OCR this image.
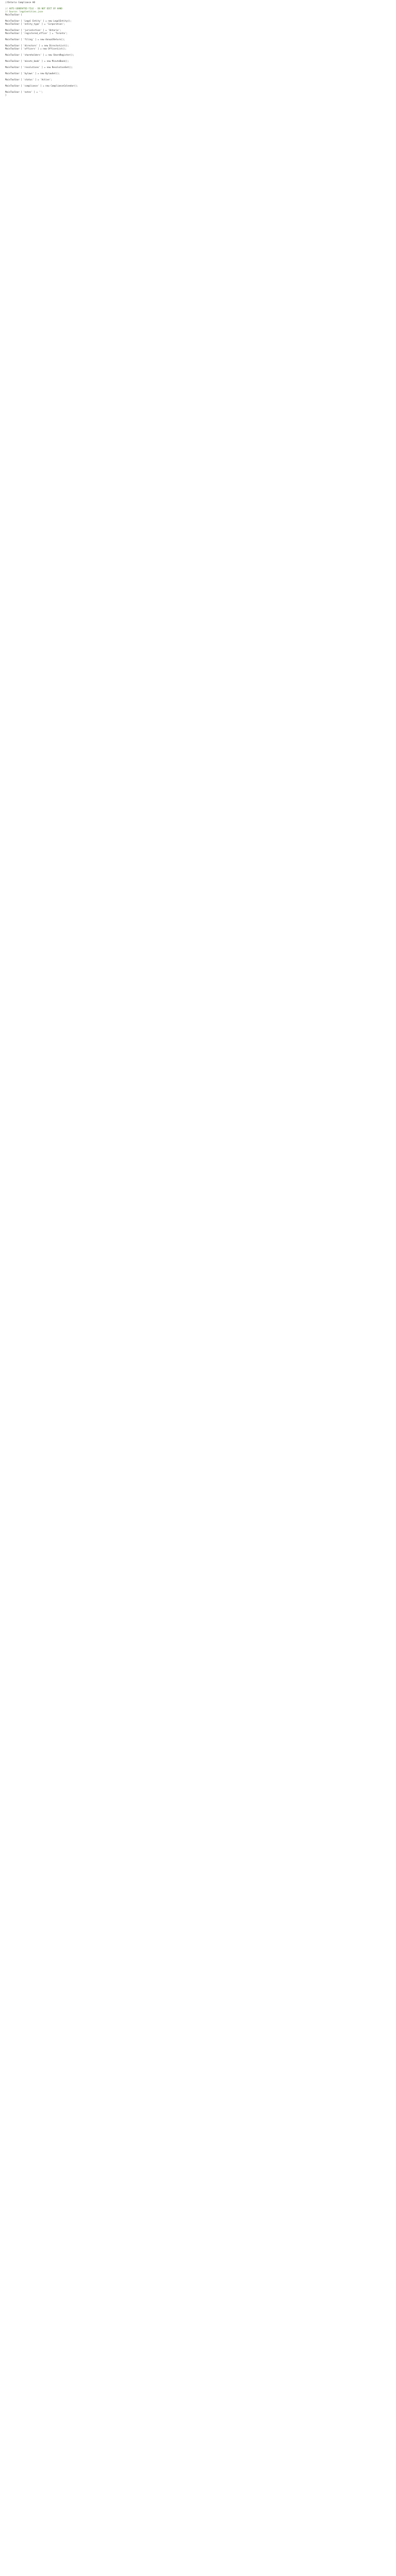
//Ontario Compliance HO
// AUTO GENERATED FILE - DO NOT EDIT BY HAND
// Source: legalentities.json
MainToolbar {
MainToolbar [ 'Legal Entity' ] = new LegalEntity();
MainToolbar [ 'entity_type' ] = 'Corporation';
MainToolbar [ 'jurisdiction' ] = 'Ontario';
MainToolbar [ 'registered_office' ] = 'Toronto';
MainToolbar [ 'filing' ] = new AnnualReturn();
MainToolbar [ 'directors' ] = new DirectorList();
MainToolbar [ 'officers' ] = new OfficerList();
MainToolbar [ 'shareholders' ] = new ShareRegister();
MainToolbar [ 'minute_book' ] = new MinuteBook();
MainToolbar [ 'resolutions' ] = new ResolutionSet();
MainToolbar [ 'bylaws' ] = new BylawSet();
MainToolbar [ 'status' ] = 'Active';
MainToolbar [ 'compliance' ] = new ComplianceCalendar();
MainToolbar [ 'notes' ] = '';
}
